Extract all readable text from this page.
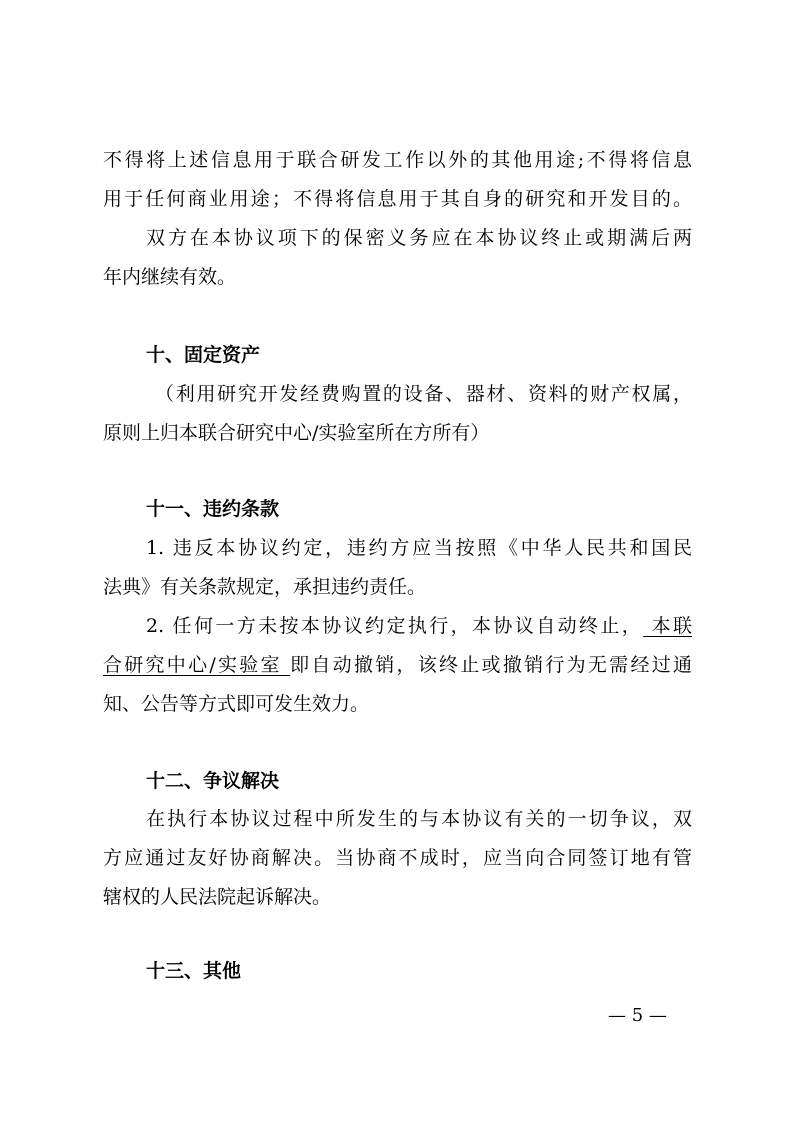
不得将上述信息用于联合研发工作以外的其他用途;不得将信息
用于任何商业用途；不得将信息用于其自身的研究和开发目的。
双方在本协议项下的保密义务应在本协议终止或期满后两
年内继续有效。
十、固定资产
（利用研究开发经费购置的设备、器材、资料的财产权属，
原则上归本联合研究中心/实验室所在方所有）
十一、违约条款
1. 违反本协议约定，违约方应当按照《中华人民共和国民
法典》有关条款规定，承担违约责任。
2. 任何一方未按本协议约定执行，本协议自动终止， 本联
合研究中心/实验室 即自动撤销，该终止或撤销行为无需经过通
知、公告等方式即可发生效力。
十二、争议解决
在执行本协议过程中所发生的与本协议有关的一切争议，双
方应通过友好协商解决。当协商不成时，应当向合同签订地有管
辖权的人民法院起诉解决。
十三、其他
— 5 —
